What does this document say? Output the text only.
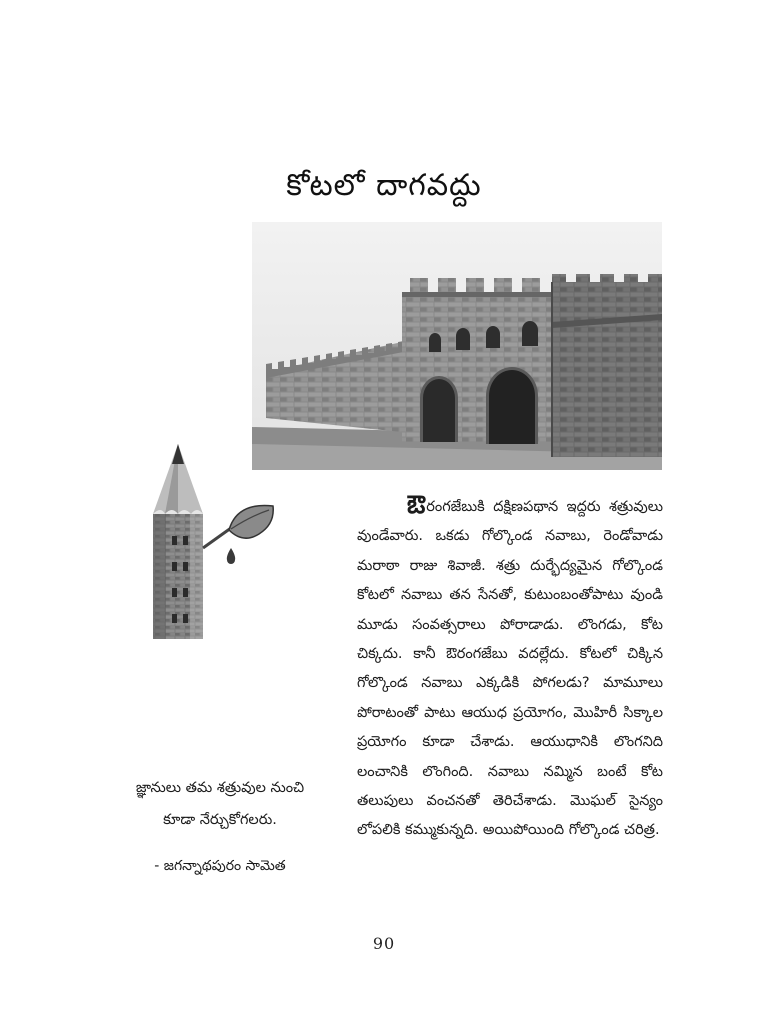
కోటలో దాగవద్దు
ఔరంగజేబుకి దక్షిణపథాన ఇద్దరు శత్రువులు వుండేవారు. ఒకడు గోల్కొండ నవాబు, రెండోవాడు మరాఠా రాజు శివాజీ. శత్రు దుర్భేద్యమైన గోల్కొండ కోటలో నవాబు తన సేనతో, కుటుంబంతోపాటు వుండి మూడు సంవత్సరాలు పోరాడాడు. లొంగడు, కోట చిక్కదు. కానీ ఔరంగజేబు వదల్లేదు. కోటలో చిక్కిన గోల్కొండ నవాబు ఎక్కడికి పోగలడు? మామూలు పోరాటంతో పాటు ఆయుధ ప్రయోగం, మొహిరీ సిక్కాల ప్రయోగం కూడా చేశాడు. ఆయుధానికి లొంగనిది లంచానికి లొంగింది. నవాబు నమ్మిన బంటే కోట తలుపులు వంచనతో తెరిచేశాడు. మొఘల్ సైన్యం లోపలికి కమ్ముకున్నది. అయిపోయింది గోల్కొండ చరిత్ర.
జ్ఞానులు తమ శత్రువుల నుంచి
కూడా నేర్చుకోగలరు.
- జగన్నాథపురం సామెత
90
